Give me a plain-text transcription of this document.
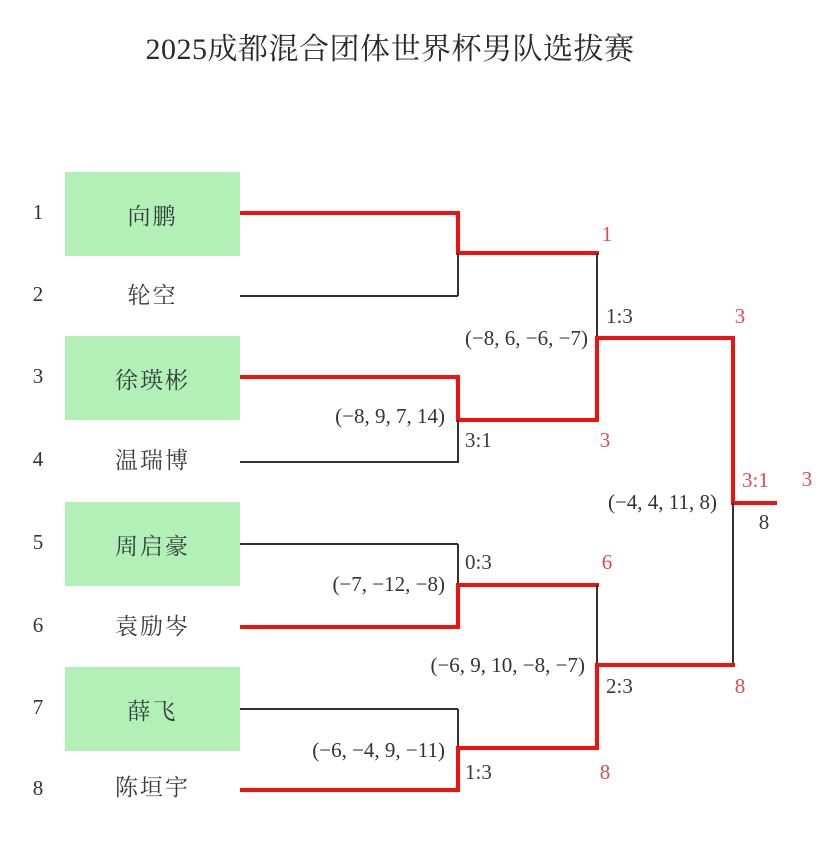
2025成都混合团体世界杯男队选拔赛
1
2
3
4
5
6
7
8
向鹏
轮空
徐瑛彬
温瑞博
周启豪
袁励岑
薛飞
陈垣宇
1
(−8, 6, −6, −7)
1:3	3
(−8, 9, 7, 14)
3:1	3
(−4, 4, 11, 8)
3:1	3
8
(−7, −12, −8)
0:3	6
(−6, 9, 10, −8, −7)
2:3	8
(−6, −4, 9, −11)
1:3	8
